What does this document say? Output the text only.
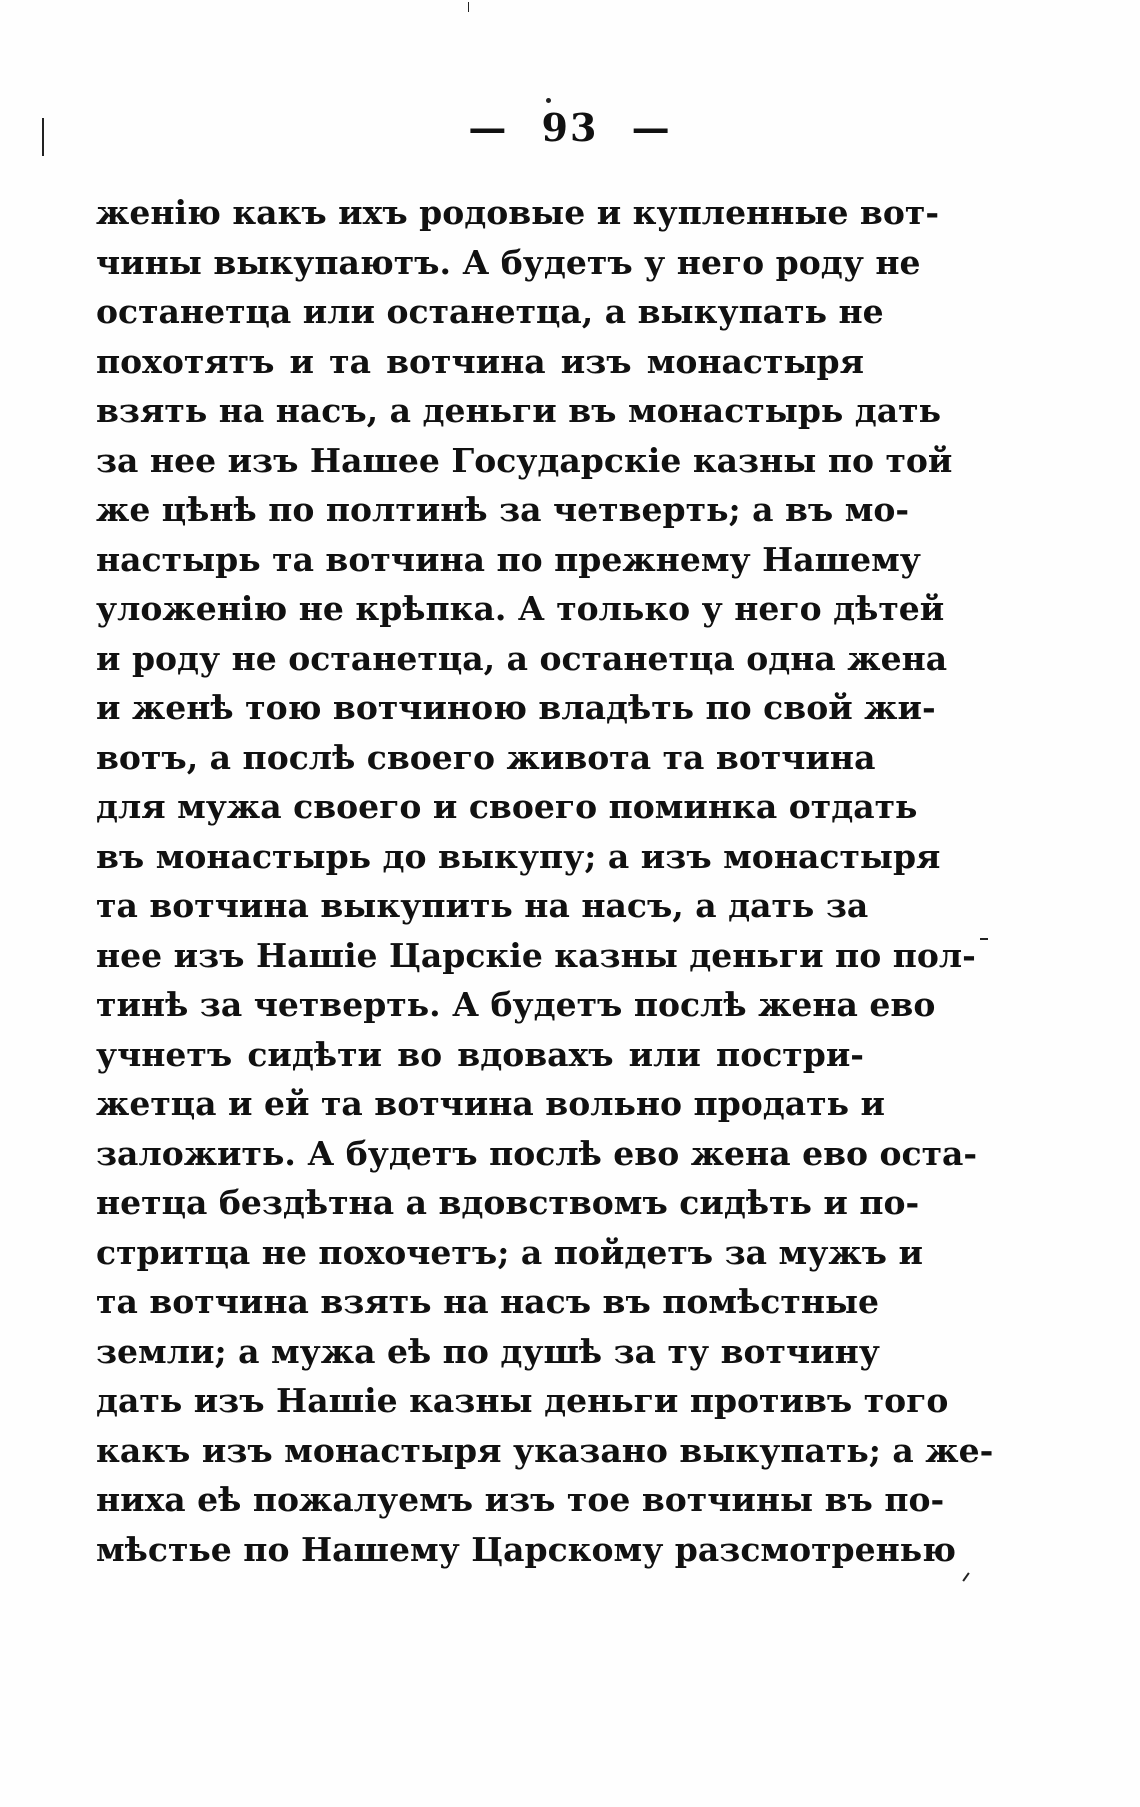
— 93 —
женію какъ ихъ родовые и купленные вот-
чины выкупаютъ. А будетъ у него роду не
останетца или останетца, а выкупать не
похотятъ и та вотчина изъ монастыря
взять на насъ, а деньги въ монастырь дать
за нее изъ Нашее Государскіе казны по той
же цѣнѣ по полтинѣ за четверть; а въ мо-
настырь та вотчина по прежнему Нашему
уложенію не крѣпка. А только у него дѣтей
и роду не останетца, а останетца одна жена
и женѣ тою вотчиною владѣть по свой жи-
вотъ, а послѣ своего живота та вотчина
для мужа своего и своего поминка отдать
въ монастырь до выкупу; а изъ монастыря
та вотчина выкупить на насъ, а дать за
нее изъ Нашіе Царскіе казны деньги по пол-
тинѣ за четверть. А будетъ послѣ жена ево
учнетъ сидѣти во вдовахъ или постри-
жетца и ей та вотчина вольно продать и
заложить. А будетъ послѣ ево жена ево оста-
нетца бездѣтна а вдовствомъ сидѣть и по-
стритца не похочетъ; а пойдетъ за мужъ и
та вотчина взять на насъ въ помѣстные
земли; а мужа еѣ по душѣ за ту вотчину
дать изъ Нашіе казны деньги противъ того
какъ изъ монастыря указано выкупать; а же-
ниха еѣ пожалуемъ изъ тое вотчины въ по-
мѣстье по Нашему Царскому разсмотренью
